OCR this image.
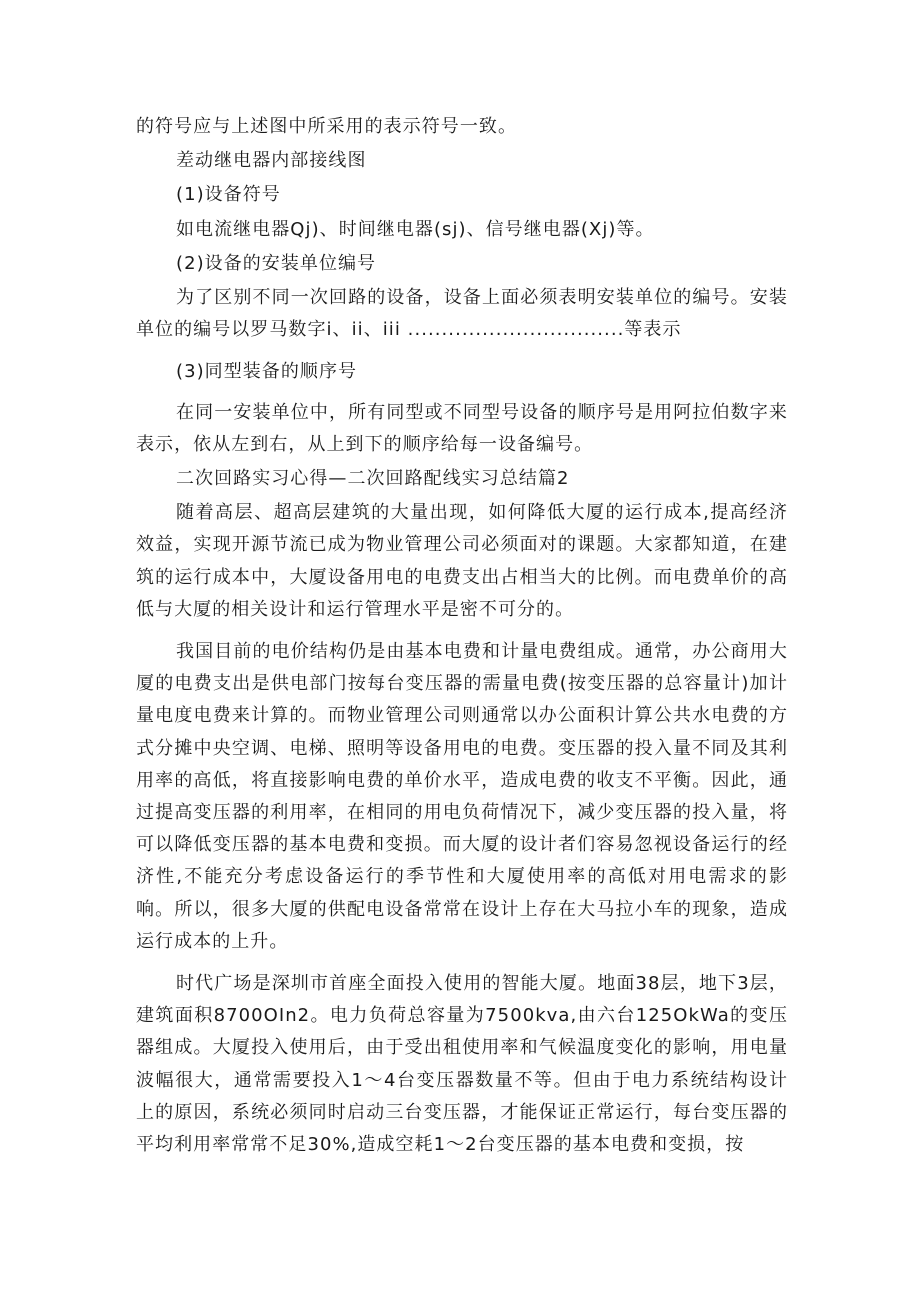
的符号应与上述图中所采用的表示符号一致。

差动继电器内部接线图

(1)设备符号

如电流继电器Qj)、时间继电器(sj)、信号继电器(Xj)等。

(2)设备的安装单位编号

为了区别不同一次回路的设备，设备上面必须表明安装单位的编号。安装单位的编号以罗马数字i、ii、iii ................................等表示

(3)同型装备的顺序号

在同一安装单位中，所有同型或不同型号设备的顺序号是用阿拉伯数字来表示，依从左到右，从上到下的顺序给每一设备编号。

二次回路实习心得—二次回路配线实习总结篇2

随着高层、超高层建筑的大量出现，如何降低大厦的运行成本,提高经济效益，实现开源节流已成为物业管理公司必须面对的课题。大家都知道，在建筑的运行成本中，大厦设备用电的电费支出占相当大的比例。而电费单价的高低与大厦的相关设计和运行管理水平是密不可分的。

我国目前的电价结构仍是由基本电费和计量电费组成。通常，办公商用大厦的电费支出是供电部门按每台变压器的需量电费(按变压器的总容量计)加计量电度电费来计算的。而物业管理公司则通常以办公面积计算公共水电费的方式分摊中央空调、电梯、照明等设备用电的电费。变压器的投入量不同及其利用率的高低，将直接影响电费的单价水平，造成电费的收支不平衡。因此，通过提高变压器的利用率，在相同的用电负荷情况下，减少变压器的投入量，将可以降低变压器的基本电费和变损。而大厦的设计者们容易忽视设备运行的经济性,不能充分考虑设备运行的季节性和大厦使用率的高低对用电需求的影响。所以，很多大厦的供配电设备常常在设计上存在大马拉小车的现象，造成运行成本的上升。

时代广场是深圳市首座全面投入使用的智能大厦。地面38层，地下3层，建筑面积8700OIn2。电力负荷总容量为7500kva,由六台125OkWa的变压器组成。大厦投入使用后，由于受出租使用率和气候温度变化的影响，用电量波幅很大，通常需要投入1〜4台变压器数量不等。但由于电力系统结构设计上的原因，系统必须同时启动三台变压器，才能保证正常运行，每台变压器的平均利用率常常不足30%,造成空耗1〜2台变压器的基本电费和变损，按
